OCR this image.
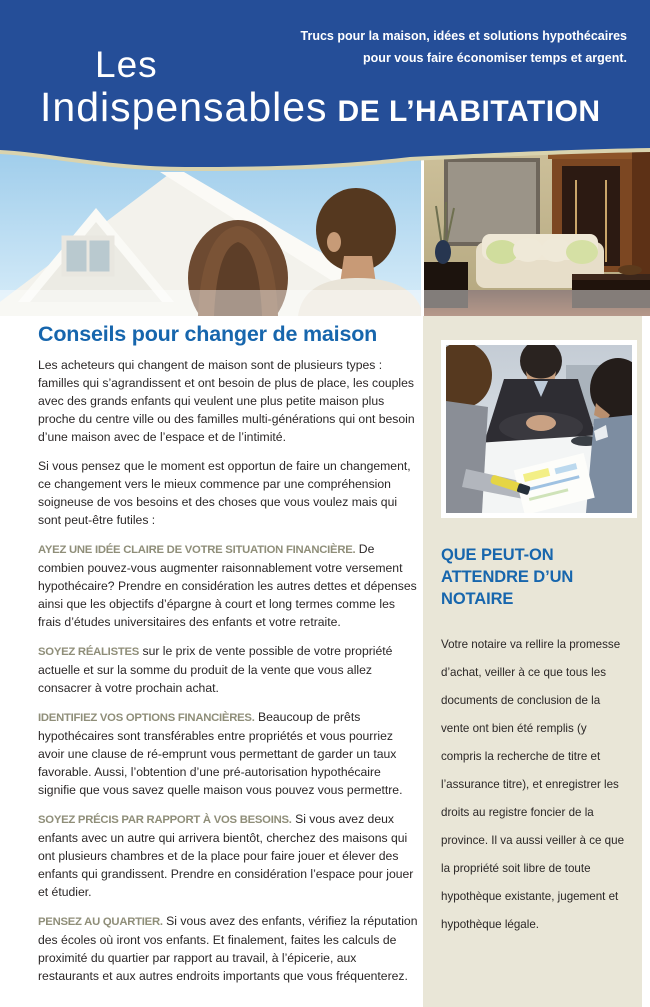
Trucs pour la maison, idées et solutions hypothécaires
pour vous faire économiser temps et argent.
Les
Indispensables DE L’HABITATION
Conseils pour changer de maison

Les acheteurs qui changent de maison sont de plusieurs types : familles qui s’agrandissent et ont besoin de plus de place, les couples avec des grands enfants qui veulent une plus petite maison plus proche du centre ville ou des familles multi-générations qui ont besoin d’une maison avec de l’espace et de l’intimité.

Si vous pensez que le moment est opportun de faire un changement, ce changement vers le mieux commence par une compréhension soigneuse de vos besoins et des choses que vous voulez mais qui sont peut-être futiles :

AYEZ UNE IDÉE CLAIRE DE VOTRE SITUATION FINANCIÈRE. De combien pouvez-vous augmenter raisonnablement votre versement hypothécaire? Prendre en considération les autres dettes et dépenses ainsi que les objectifs d’épargne à court et long termes comme les frais d’études universitaires des enfants et votre retraite.

SOYEZ RÉALISTES sur le prix de vente possible de votre propriété actuelle et sur la somme du produit de la vente que vous allez consacrer à votre prochain achat.

IDENTIFIEZ VOS OPTIONS FINANCIÈRES. Beaucoup de prêts hypothécaires sont transférables entre propriétés et vous pourriez avoir une clause de ré-emprunt vous permettant de garder un taux favorable. Aussi, l’obtention d’une pré-autorisation hypothécaire signifie que vous savez quelle maison vous pouvez vous permettre.

SOYEZ PRÉCIS PAR RAPPORT À VOS BESOINS. Si vous avez deux enfants avec un autre qui arrivera bientôt, cherchez des maisons qui ont plusieurs chambres et de la place pour faire jouer et élever des enfants qui grandissent. Prendre en considération l’espace pour jouer et étudier.

PENSEZ AU QUARTIER. Si vous avez des enfants, vérifiez la réputation des écoles où iront vos enfants. Et finalement, faites les calculs de proximité du quartier par rapport au travail, à l’épicerie, aux restaurants et aux autres endroits importants que vous fréquenterez.

QUE PEUT-ON ATTENDRE D’UN NOTAIRE

Votre notaire va rellire la promesse d’achat, veiller à ce que tous les documents de conclusion de la vente ont bien été remplis (y compris la recherche de titre et l’assurance titre), et enregistrer les droits au registre foncier de la province. Il va aussi veiller à ce que la propriété soit libre de toute hypothèque existante, jugement et hypothèque légale.
